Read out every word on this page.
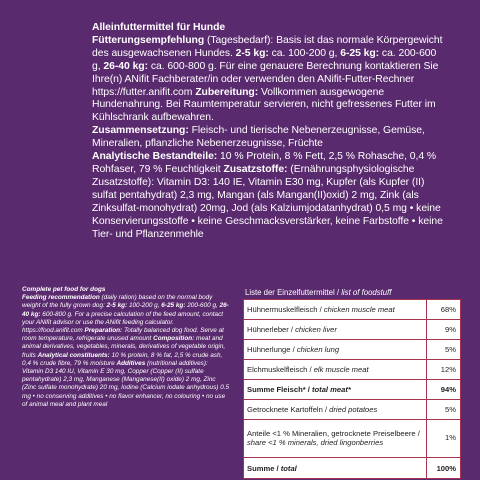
Alleinfuttermittel für Hunde
Fütterungsempfehlung (Tagesbedarf): Basis ist das normale Körpergewicht des ausgewachsenen Hundes. 2-5 kg: ca. 100-200 g, 6-25 kg: ca. 200-600 g, 26-40 kg: ca. 600-800 g. Für eine genauere Berechnung kontaktieren Sie Ihre(n) ANifit Fachberater/in oder verwenden den ANifit-Futter-Rechner https://futter.anifit.com Zubereitung: Vollkommen ausgewogene Hundenahrung. Bei Raumtemperatur servieren, nicht gefressenes Futter im Kühlschrank aufbewahren.
Zusammensetzung: Fleisch- und tierische Nebenerzeugnisse, Gemüse, Mineralien, pflanzliche Nebenerzeugnisse, Früchte
Analytische Bestandteile: 10 % Protein, 8 % Fett, 2,5 % Rohasche, 0,4 % Rohfaser, 79 % Feuchtigkeit Zusatzstoffe: (Ernährungsphysiologische Zusatzstoffe): Vitamin D3: 140 IE, Vitamin E30 mg, Kupfer (als Kupfer (II) sulfat pentahydrat) 2,3 mg, Mangan (als Mangan(II)oxid) 2 mg, Zink (als Zinksulfat-monohydrat) 20mg, Jod (als Kalziumjodatanhydrat) 0,5 mg • keine Konservierungsstoffe • keine Geschmacksverstärker, keine Farbstoffe • keine Tier- und Pflanzenmehle

Complete pet food for dogs
Feeding recommendation (daily ration) based on the normal body weight of the fully grown dog: 2-5 kg: 100-200 g, 6-25 kg: 200-600 g, 26-40 kg: 600-800 g. For a precise calculation of the feed amount, contact your ANifit advisor or use the ANifit feeding calculator. https://food.anifit.com Preparation: Totally balanced dog food. Serve at room temperature, refrigerate unused amount Composition: meat and animal derivatives, vegetables, minerals, derivatives of vegetable origin, fruits Analytical constituents: 10 % protein, 8 % fat, 2,5 % crude ash, 0,4 % crude fibre, 79 % moisture Additives (nutritional additives): Vitamin D3 140 IU, Vitamin E 30 mg, Copper (Copper (II) sulfate pentahydrate) 2,3 mg, Manganese (Manganese(II) oxide) 2 mg, Zinc (Zinc sulfate monohydrate) 20 mg, Iodine (Calcium iodate anhydrous) 0.5 mg • no conserving additives • no flavor enhancer, no colouring • no use of animal meal and plant meal

Liste der Einzelfuttermittel / list of foodstuff
Hühnermuskelfleisch / chicken muscle meat	68%
Hühnerleber / chicken liver	9%
Hühnerlunge / chicken lung	5%
Elchmuskelfleisch / elk muscle meat	12%
Summe Fleisch* / total meat*	94%
Getrocknete Kartoffeln / dried potatoes	5%
Anteile <1 % Mineralien, getrocknete Preiselbeere / share <1 % minerals, dried lingonberries	1%
Summe / total	100%
